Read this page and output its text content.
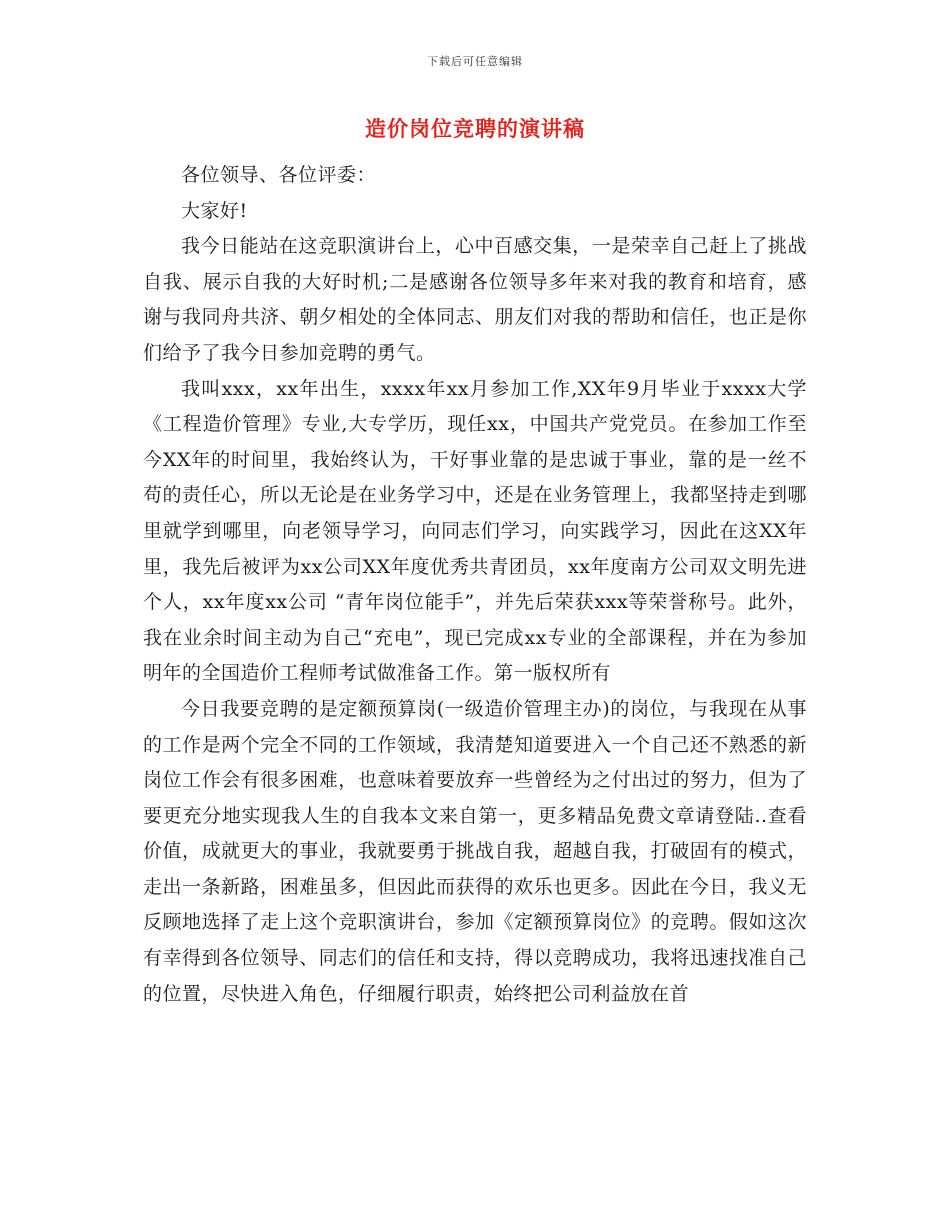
下载后可任意编辑
造价岗位竞聘的演讲稿

各位领导、各位评委：

大家好!

我今日能站在这竞职演讲台上，心中百感交集，一是荣幸自己赶上了挑战自我、展示自我的大好时机;二是感谢各位领导多年来对我的教育和培育，感谢与我同舟共济、朝夕相处的全体同志、朋友们对我的帮助和信任，也正是你们给予了我今日参加竞聘的勇气。

我叫xxx，xx年出生，xxxx年xx月参加工作,XX年9月毕业于xxxx大学《工程造价管理》专业,大专学历，现任xx，中国共产党党员。在参加工作至今XX年的时间里，我始终认为，干好事业靠的是忠诚于事业，靠的是一丝不苟的责任心，所以无论是在业务学习中，还是在业务管理上，我都坚持走到哪里就学到哪里，向老领导学习，向同志们学习，向实践学习，因此在这XX年里，我先后被评为xx公司XX年度优秀共青团员，xx年度南方公司双文明先进个人，xx年度xx公司 “青年岗位能手”，并先后荣获xxx等荣誉称号。此外，我在业余时间主动为自己“充电”，现已完成xx专业的全部课程，并在为参加明年的全国造价工程师考试做准备工作。第一版权所有

今日我要竞聘的是定额预算岗(一级造价管理主办)的岗位，与我现在从事的工作是两个完全不同的工作领域，我清楚知道要进入一个自己还不熟悉的新岗位工作会有很多困难，也意味着要放弃一些曾经为之付出过的努力，但为了要更充分地实现我人生的自我本文来自第一，更多精品免费文章请登陆..查看价值，成就更大的事业，我就要勇于挑战自我，超越自我，打破固有的模式，走出一条新路，困难虽多，但因此而获得的欢乐也更多。因此在今日，我义无反顾地选择了走上这个竞职演讲台，参加《定额预算岗位》的竞聘。假如这次有幸得到各位领导、同志们的信任和支持，得以竞聘成功，我将迅速找准自己的位置，尽快进入角色，仔细履行职责，始终把公司利益放在首
